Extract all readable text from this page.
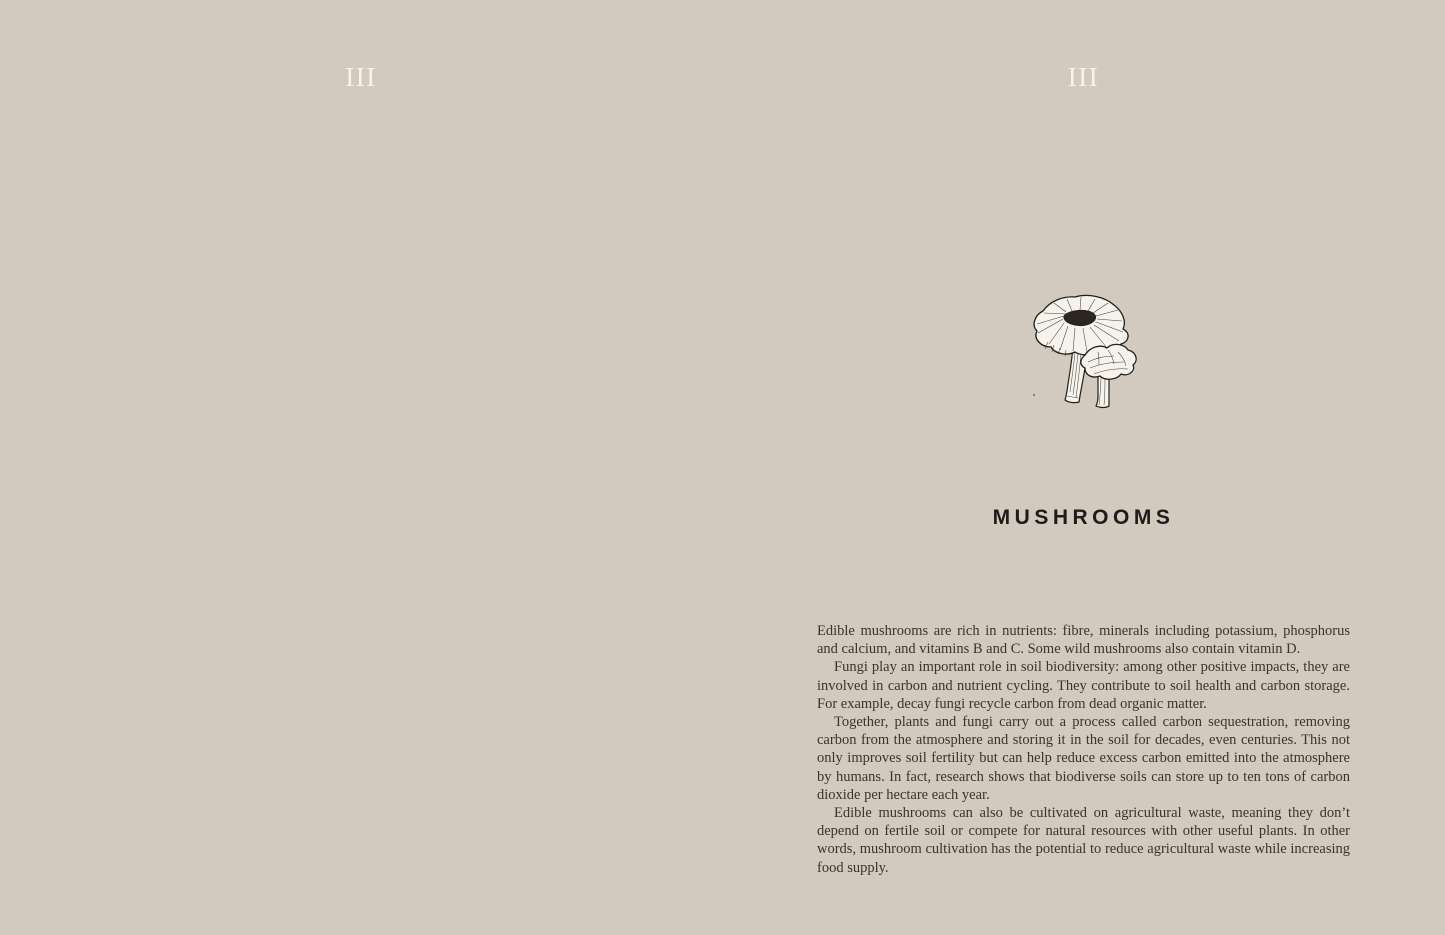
III	III
MUSHROOMS

Edible mushrooms are rich in nutrients: fibre, minerals including potassium, phosphorus and calcium, and vitamins B and C. Some wild mushrooms also contain vitamin D.

Fungi play an important role in soil biodiversity: among other positive impacts, they are involved in carbon and nutrient cycling. They contribute to soil health and carbon storage. For example, decay fungi recycle carbon from dead organic matter.

Together, plants and fungi carry out a process called carbon sequestration, removing carbon from the atmosphere and storing it in the soil for decades, even centuries. This not only improves soil fertility but can help reduce excess carbon emitted into the atmosphere by humans. In fact, research shows that biodiverse soils can store up to ten tons of carbon dioxide per hectare each year.

Edible mushrooms can also be cultivated on agricultural waste, meaning they don’t depend on fertile soil or compete for natural resources with other useful plants. In other words, mushroom cultivation has the potential to reduce agricultural waste while increasing food supply.
